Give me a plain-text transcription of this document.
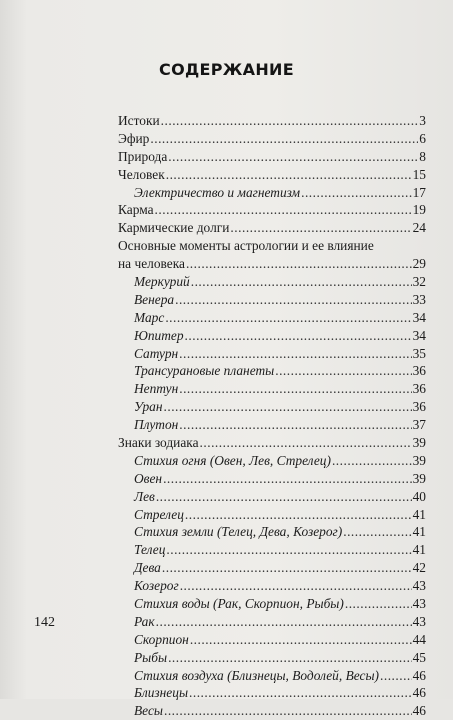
СОДЕРЖАНИЕ
Истоки .....	3
Эфир .....	6
Природа .....	8
Человек .....	15
Электричество и магнетизм .....	17
Карма .....	19
Кармические долги .....	24
Основные моменты астрологии и ее влияние
на человека .....	29
Меркурий .....	32
Венера .....	33
Марс .....	34
Юпитер .....	34
Сатурн .....	35
Трансурановые планеты .....	36
Нептун .....	36
Уран .....	36
Плутон .....	37
Знаки зодиака .....	39
Стихия огня (Овен, Лев, Стрелец) .....	39
Овен .....	39
Лев .....	40
Стрелец .....	41
Стихия земли (Телец, Дева, Козерог) .....	41
Телец .....	41
Дева .....	42
Козерог .....	43
Стихия воды (Рак, Скорпион, Рыбы) .....	43
Рак .....	43
Скорпион .....	44
Рыбы .....	45
Стихия воздуха (Близнецы, Водолей, Весы) .....	46
Близнецы .....	46
Весы .....	46
142
